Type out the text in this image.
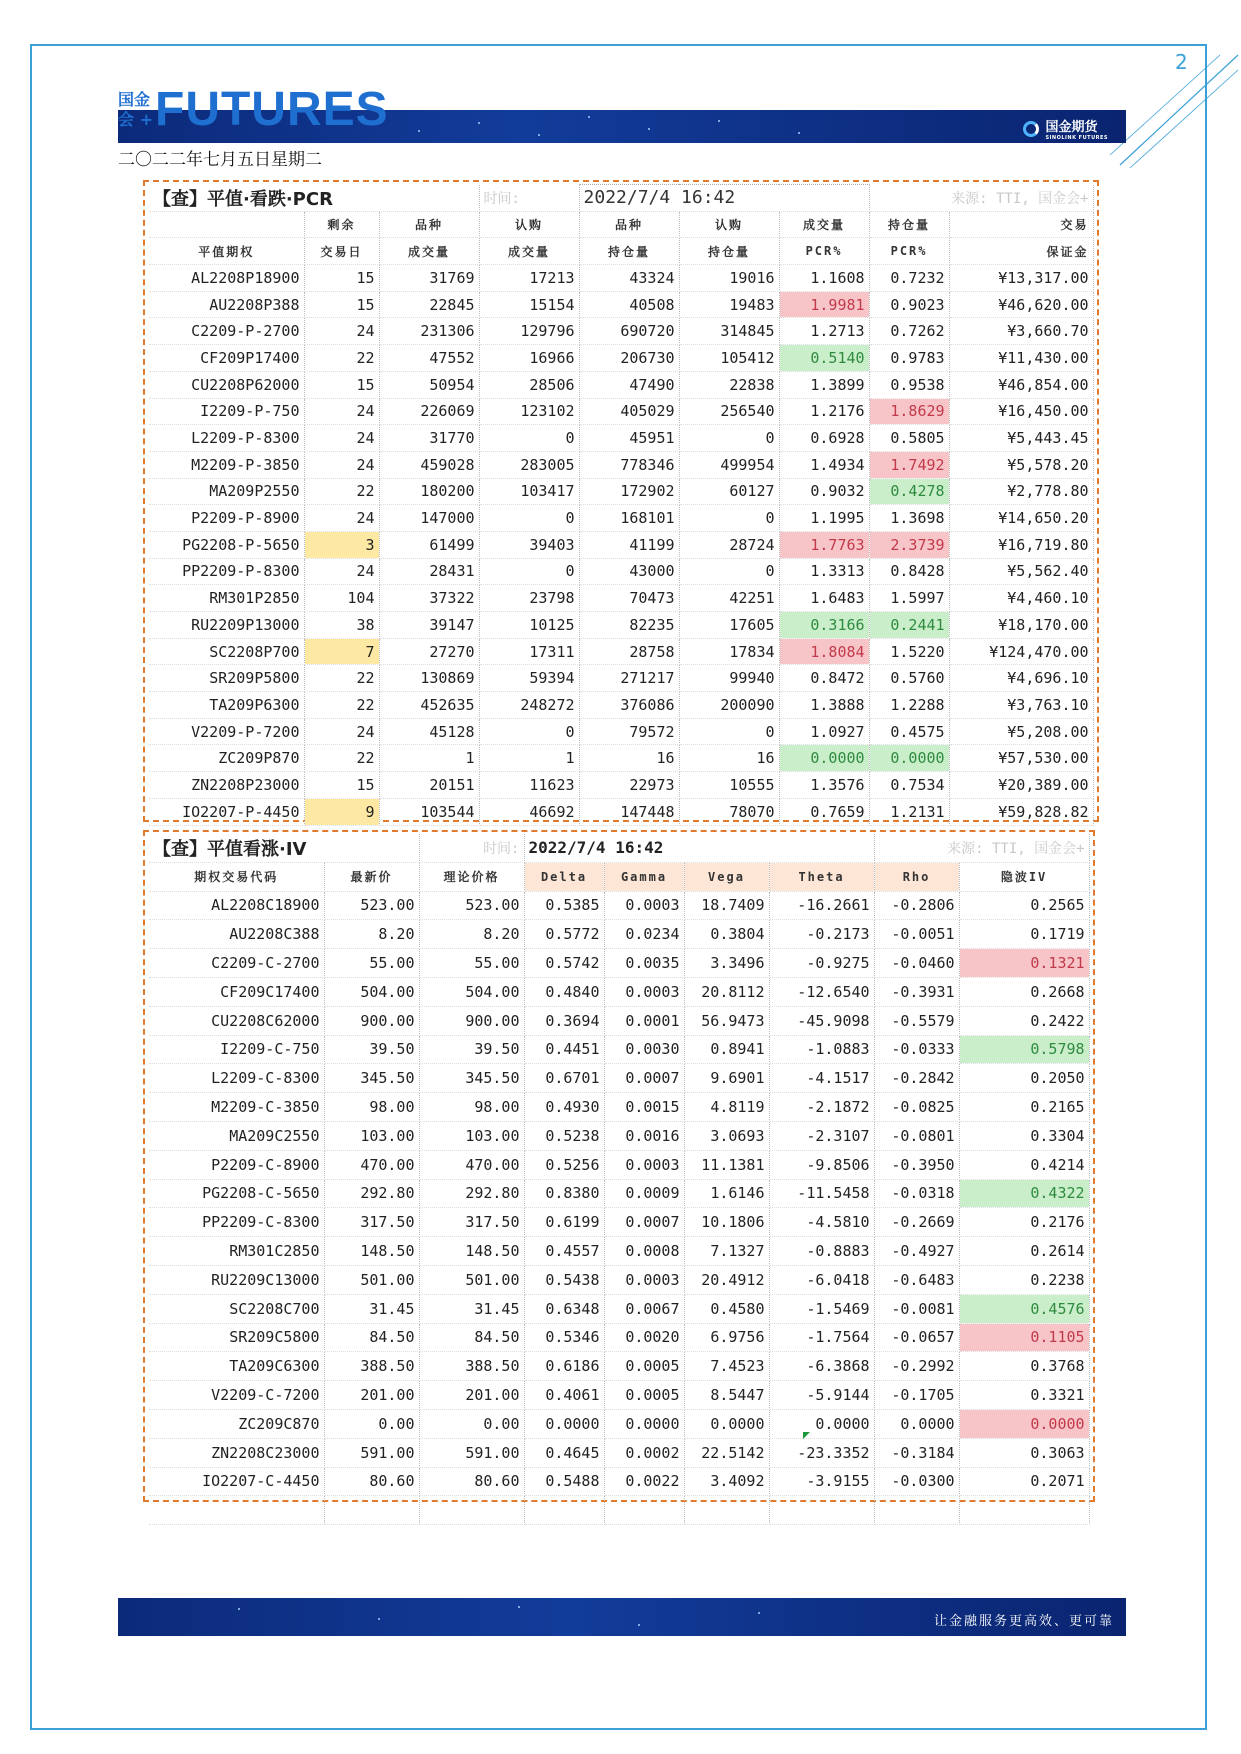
2
国金期货
SINOLINK FUTURES
国金
会 + FUTURES
二〇二二年七月五日星期二
【查】平值·看跌·PCR			时间:	2022/7/4 16:42			来源: TTI, 国金会+	
	剩余	品种	认购	品种	认购	成交量	持仓量	交易
平值期权	交易日	成交量	成交量	持仓量	持仓量	PCR%	PCR%	保证金
AL2208P18900	15	31769	17213	43324	19016	1.1608	0.7232	¥13,317.00
AU2208P388	15	22845	15154	40508	19483	1.9981	0.9023	¥46,620.00
C2209-P-2700	24	231306	129796	690720	314845	1.2713	0.7262	¥3,660.70
CF209P17400	22	47552	16966	206730	105412	0.5140	0.9783	¥11,430.00
CU2208P62000	15	50954	28506	47490	22838	1.3899	0.9538	¥46,854.00
I2209-P-750	24	226069	123102	405029	256540	1.2176	1.8629	¥16,450.00
L2209-P-8300	24	31770	0	45951	0	0.6928	0.5805	¥5,443.45
M2209-P-3850	24	459028	283005	778346	499954	1.4934	1.7492	¥5,578.20
MA209P2550	22	180200	103417	172902	60127	0.9032	0.4278	¥2,778.80
P2209-P-8900	24	147000	0	168101	0	1.1995	1.3698	¥14,650.20
PG2208-P-5650	3	61499	39403	41199	28724	1.7763	2.3739	¥16,719.80
PP2209-P-8300	24	28431	0	43000	0	1.3313	0.8428	¥5,562.40
RM301P2850	104	37322	23798	70473	42251	1.6483	1.5997	¥4,460.10
RU2209P13000	38	39147	10125	82235	17605	0.3166	0.2441	¥18,170.00
SC2208P700	7	27270	17311	28758	17834	1.8084	1.5220	¥124,470.00
SR209P5800	22	130869	59394	271217	99940	0.8472	0.5760	¥4,696.10
TA209P6300	22	452635	248272	376086	200090	1.3888	1.2288	¥3,763.10
V2209-P-7200	24	45128	0	79572	0	1.0927	0.4575	¥5,208.00
ZC209P870	22	1	1	16	16	0.0000	0.0000	¥57,530.00
ZN2208P23000	15	20151	11623	22973	10555	1.3576	0.7534	¥20,389.00
IO2207-P-4450	9	103544	46692	147448	78070	0.7659	1.2131	¥59,828.82
【查】平值看涨·IV		时间:	2022/7/4 16:42				来源: TTI, 国金会+	
期权交易代码	最新价	理论价格	Delta	Gamma	Vega	Theta	Rho	隐波IV
AL2208C18900	523.00	523.00	0.5385	0.0003	18.7409	-16.2661	-0.2806	0.2565
AU2208C388	8.20	8.20	0.5772	0.0234	0.3804	-0.2173	-0.0051	0.1719
C2209-C-2700	55.00	55.00	0.5742	0.0035	3.3496	-0.9275	-0.0460	0.1321
CF209C17400	504.00	504.00	0.4840	0.0003	20.8112	-12.6540	-0.3931	0.2668
CU2208C62000	900.00	900.00	0.3694	0.0001	56.9473	-45.9098	-0.5579	0.2422
I2209-C-750	39.50	39.50	0.4451	0.0030	0.8941	-1.0883	-0.0333	0.5798
L2209-C-8300	345.50	345.50	0.6701	0.0007	9.6901	-4.1517	-0.2842	0.2050
M2209-C-3850	98.00	98.00	0.4930	0.0015	4.8119	-2.1872	-0.0825	0.2165
MA209C2550	103.00	103.00	0.5238	0.0016	3.0693	-2.3107	-0.0801	0.3304
P2209-C-8900	470.00	470.00	0.5256	0.0003	11.1381	-9.8506	-0.3950	0.4214
PG2208-C-5650	292.80	292.80	0.8380	0.0009	1.6146	-11.5458	-0.0318	0.4322
PP2209-C-8300	317.50	317.50	0.6199	0.0007	10.1806	-4.5810	-0.2669	0.2176
RM301C2850	148.50	148.50	0.4557	0.0008	7.1327	-0.8883	-0.4927	0.2614
RU2209C13000	501.00	501.00	0.5438	0.0003	20.4912	-6.0418	-0.6483	0.2238
SC2208C700	31.45	31.45	0.6348	0.0067	0.4580	-1.5469	-0.0081	0.4576
SR209C5800	84.50	84.50	0.5346	0.0020	6.9756	-1.7564	-0.0657	0.1105
TA209C6300	388.50	388.50	0.6186	0.0005	7.4523	-6.3868	-0.2992	0.3768
V2209-C-7200	201.00	201.00	0.4061	0.0005	8.5447	-5.9144	-0.1705	0.3321
ZC209C870	0.00	0.00	0.0000	0.0000	0.0000	0.0000	0.0000	0.0000
ZN2208C23000	591.00	591.00	0.4645	0.0002	22.5142	-23.3352	-0.3184	0.3063
IO2207-C-4450	80.60	80.60	0.5488	0.0022	3.4092	-3.9155	-0.0300	0.2071

让金融服务更高效、更可靠
